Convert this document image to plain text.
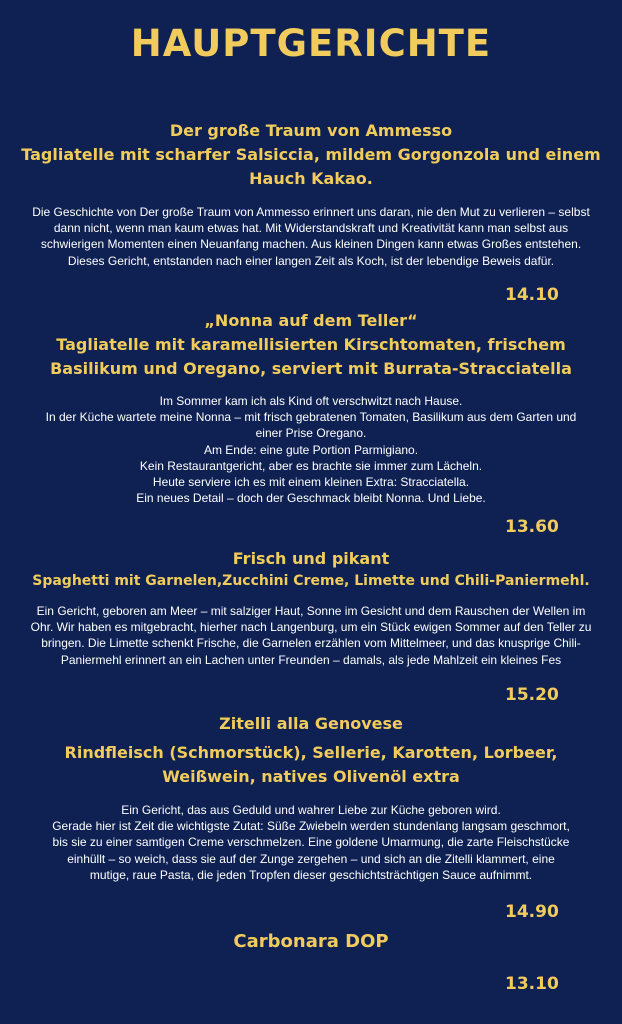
HAUPTGERICHTE
Der große Traum von Ammesso
Tagliatelle mit scharfer Salsiccia, mildem Gorgonzola und einem
Hauch Kakao.
Die Geschichte von Der große Traum von Ammesso erinnert uns daran, nie den Mut zu verlieren – selbst
dann nicht, wenn man kaum etwas hat. Mit Widerstandskraft und Kreativität kann man selbst aus
schwierigen Momenten einen Neuanfang machen. Aus kleinen Dingen kann etwas Großes entstehen.
Dieses Gericht, entstanden nach einer langen Zeit als Koch, ist der lebendige Beweis dafür.
14.10
„Nonna auf dem Teller“
Tagliatelle mit karamellisierten Kirschtomaten, frischem
Basilikum und Oregano, serviert mit Burrata-Stracciatella
Im Sommer kam ich als Kind oft verschwitzt nach Hause.
In der Küche wartete meine Nonna – mit frisch gebratenen Tomaten, Basilikum aus dem Garten und
einer Prise Oregano.
Am Ende: eine gute Portion Parmigiano.
Kein Restaurantgericht, aber es brachte sie immer zum Lächeln.
Heute serviere ich es mit einem kleinen Extra: Stracciatella.
Ein neues Detail – doch der Geschmack bleibt Nonna. Und Liebe.
13.60
Frisch und pikant
Spaghetti mit Garnelen,Zucchini Creme, Limette und Chili-Paniermehl.
Ein Gericht, geboren am Meer – mit salziger Haut, Sonne im Gesicht und dem Rauschen der Wellen im
Ohr. Wir haben es mitgebracht, hierher nach Langenburg, um ein Stück ewigen Sommer auf den Teller zu
bringen. Die Limette schenkt Frische, die Garnelen erzählen vom Mittelmeer, und das knusprige Chili-
Paniermehl erinnert an ein Lachen unter Freunden – damals, als jede Mahlzeit ein kleines Fes
15.20
Zitelli alla Genovese
Rindfleisch (Schmorstück), Sellerie, Karotten, Lorbeer,
Weißwein, natives Olivenöl extra
Ein Gericht, das aus Geduld und wahrer Liebe zur Küche geboren wird.
Gerade hier ist Zeit die wichtigste Zutat: Süße Zwiebeln werden stundenlang langsam geschmort,
bis sie zu einer samtigen Creme verschmelzen. Eine goldene Umarmung, die zarte Fleischstücke
einhüllt – so weich, dass sie auf der Zunge zergehen – und sich an die Zitelli klammert, eine
mutige, raue Pasta, die jeden Tropfen dieser geschichtsträchtigen Sauce aufnimmt.
14.90
Carbonara DOP
13.10
